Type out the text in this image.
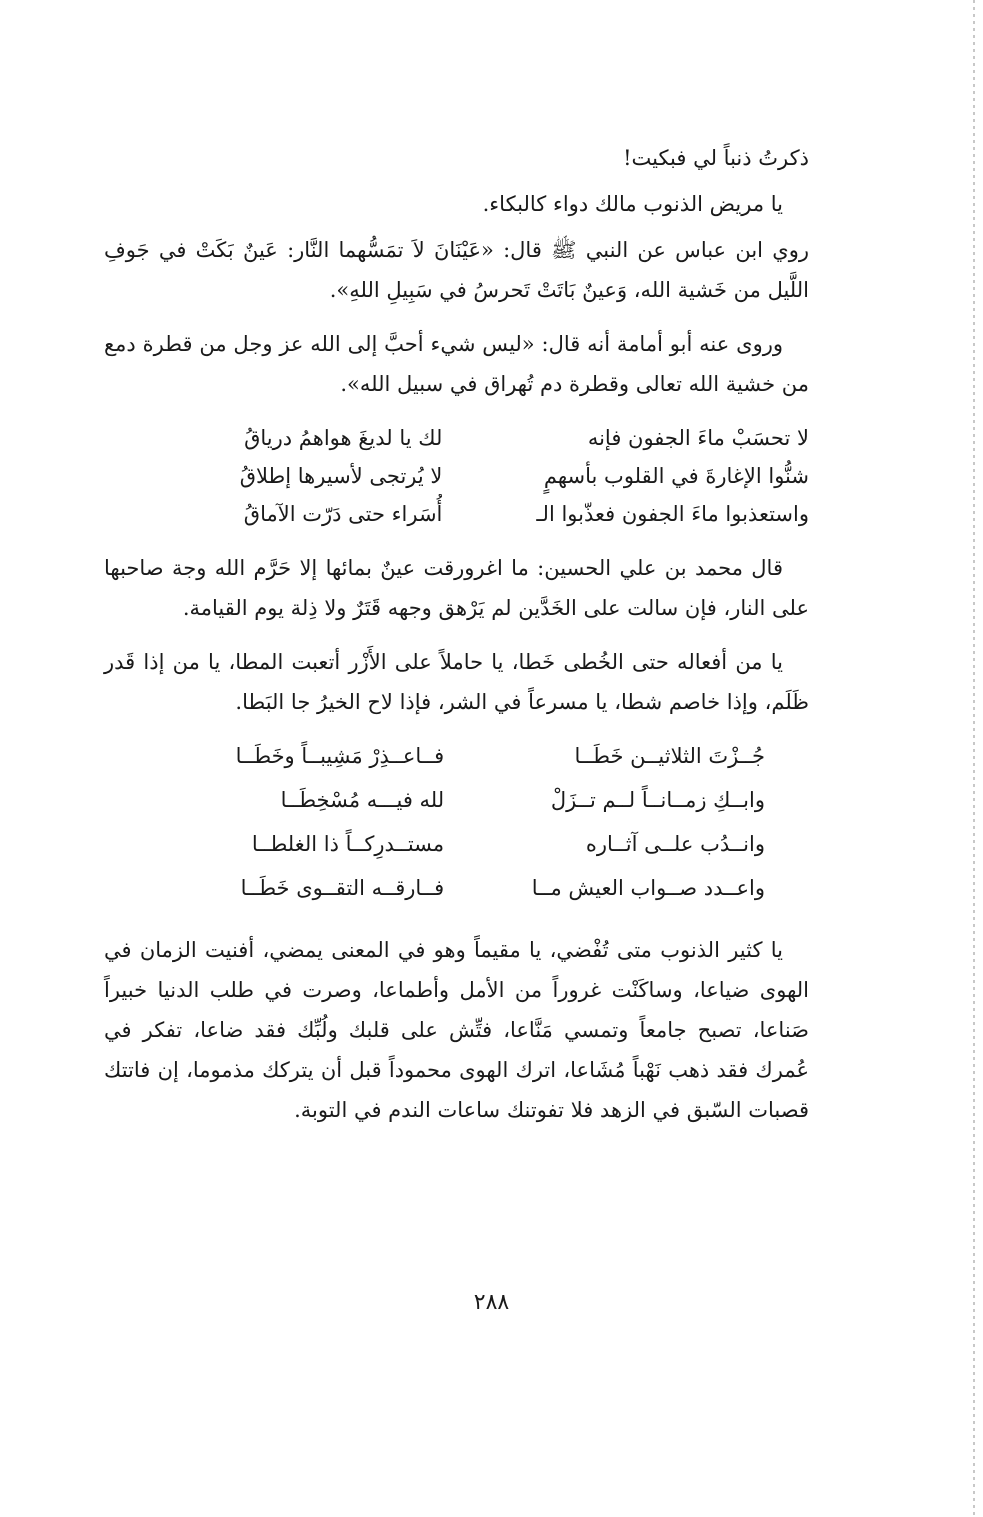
ذكرتُ ذنباً لي فبكيت!

يا مريض الذنوب مالك دواء كالبكاء.

روي ابن عباس عن النبي ﷺ قال: «عَيْنَانَ لاَ تمَسُّهما النَّار: عَينٌ بَكَتْ في جَوفِ اللَّيل من خَشية الله، وَعينٌ بَاتَتْ تَحرسُ في سَبِيلِ اللهِ».

وروى عنه أبو أمامة أنه قال: «ليس شيء أحبَّ إلى الله عز وجل من قطرة دمع من خشية الله تعالى وقطرة دم تُهراق في سبيل الله».

لا تحسَبْ ماءَ الجفون فإنه
لك يا لديغَ هواهمُ درياقُ
شنُّوا الإغارةَ في القلوب بأسهمٍ
لا يُرتجى لأسيرها إطلاقُ
واستعذبوا ماءَ الجفون فعذّبوا الـ
أُسَراء حتى دَرّت الآماقُ

قال محمد بن علي الحسين: ما اغرورقت عينٌ بمائها إلا حَرَّم الله وجة صاحبها على النار، فإن سالت على الخَدَّين لم يَرْهق وجهه قَتَرٌ ولا ذِلة يوم القيامة.

يا من أفعاله حتى الخُطى خَطا، يا حاملاً على الأَزْر أتعبت المطا، يا من إذا قَدر ظَلَم، وإذا خاصم شطا، يا مسرعاً في الشر، فإذا لاح الخيرُ جا البَطا.

جُــزْتَ الثلاثيــن خَطَــا
فــاعــذِرْ مَشِيبــاً وخَطَــا
وابــكِ زمــانــاً لــم تــزَلْ
لله فيـــه مُسْخِطَــا
وانــدُب علــى آثــاره
مستــدرِكــاً ذا الغلطــا
واعــدد صــواب العيش مــا
فــارقــه التقــوى خَطَــا

يا كثير الذنوب متى تُفْضي، يا مقيماً وهو في المعنى يمضي، أفنيت الزمان في الهوى ضياعا، وساكَنْت غروراً من الأمل وأطماعا، وصرت في طلب الدنيا خبيراً صَناعا، تصبح جامعاً وتمسي مَنَّاعا، فتِّش على قلبك ولُبِّك فقد ضاعا، تفكر في عُمرك فقد ذهب نَهْباً مُشَاعا، اترك الهوى محموداً قبل أن يتركك مذموما، إن فاتتك قصبات السّبق في الزهد فلا تفوتنك ساعات الندم في التوبة.

٢٨٨
